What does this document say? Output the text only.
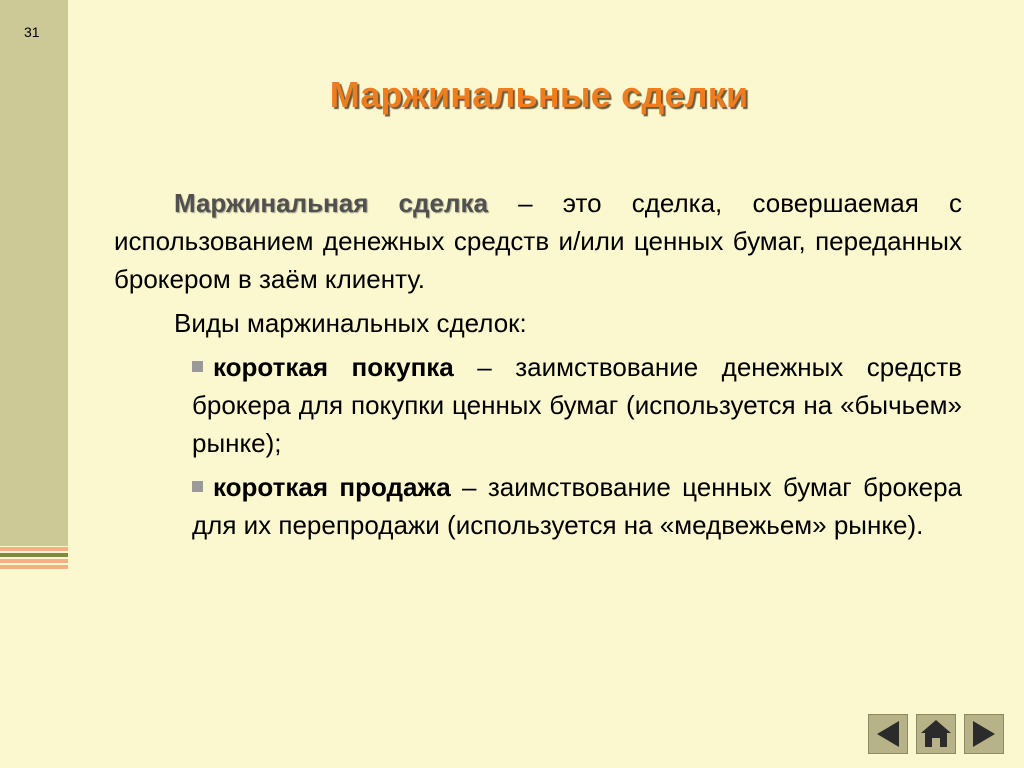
31
Маржинальные сделки

Маржинальная сделка – это сделка, совершаемая с использованием денежных средств и/или ценных бумаг, переданных брокером в заём клиенту.

Виды маржинальных сделок:

короткая покупка – заимствование денежных средств брокера для покупки ценных бумаг (используется на «бычьем» рынке);
короткая продажа – заимствование ценных бумаг брокера для их перепродажи (используется на «медвежьем» рынке).
